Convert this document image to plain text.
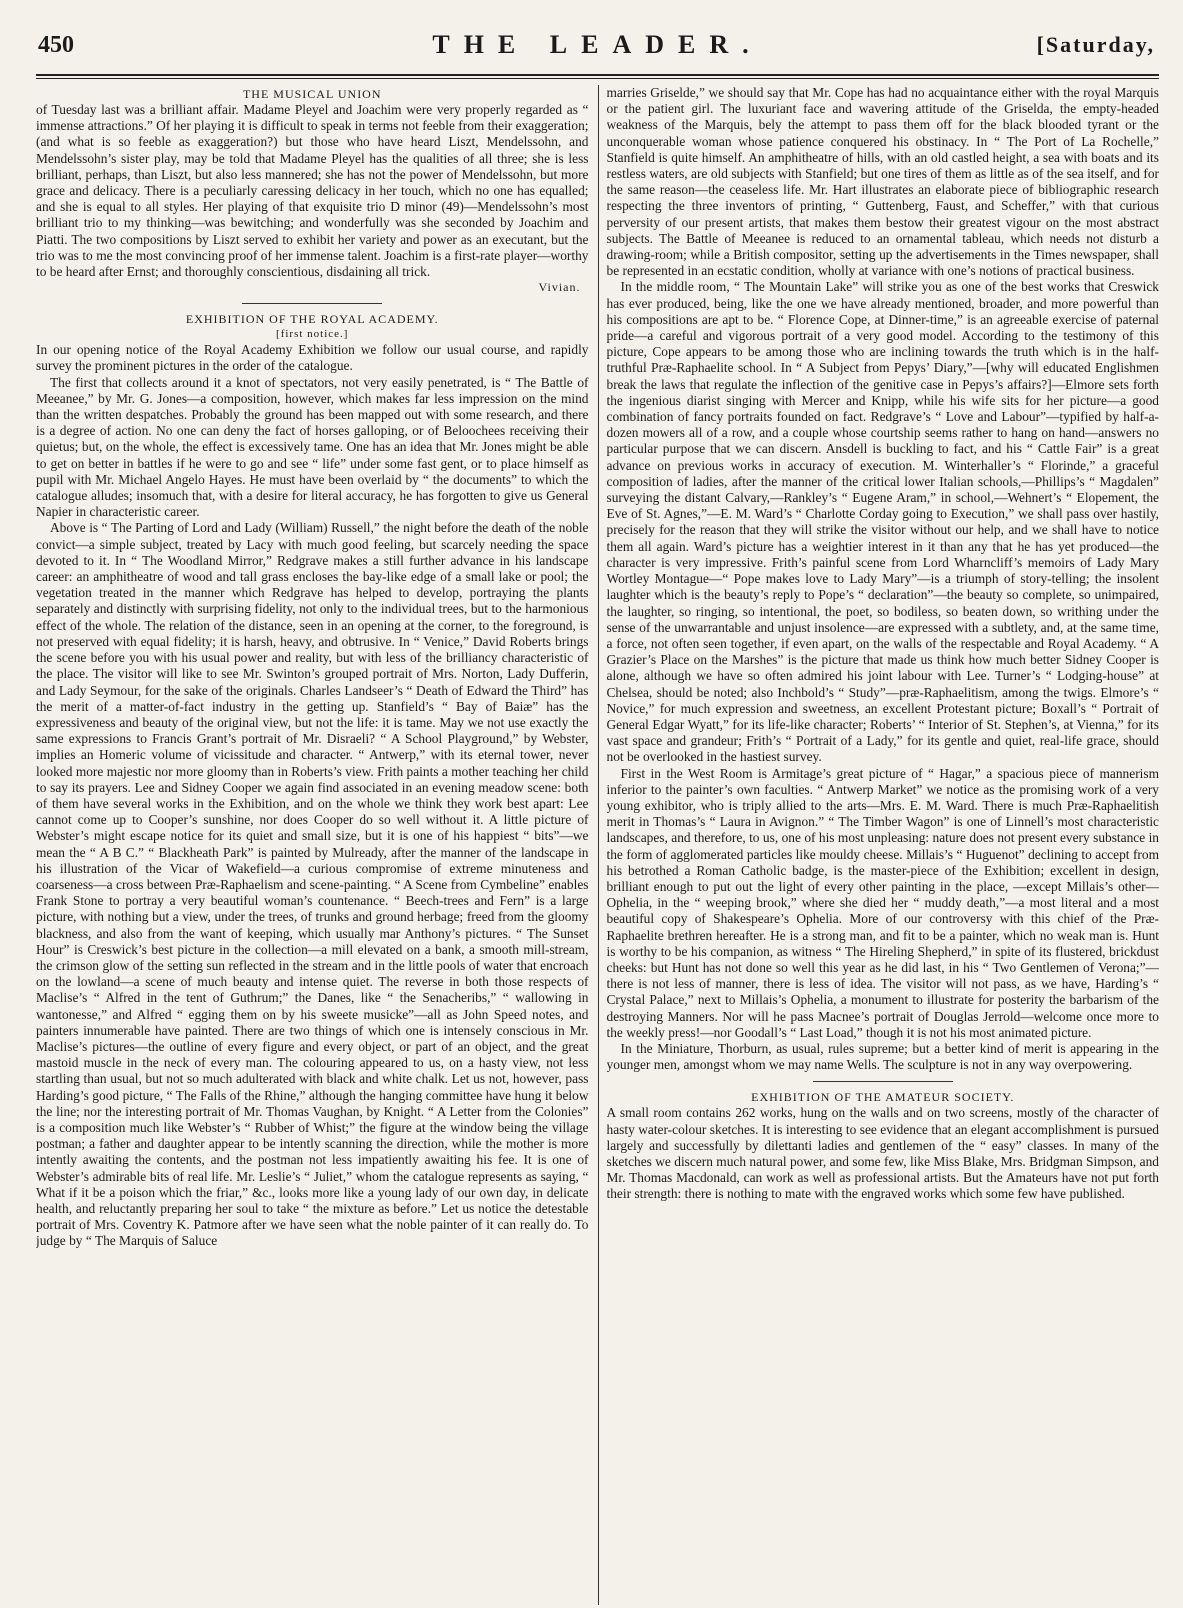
450	THE LEADER.	[Saturday,
THE MUSICAL UNION

of Tuesday last was a brilliant affair. Madame Pleyel and Joachim were very properly regarded as “ immense attractions.” Of her playing it is difficult to speak in terms not feeble from their exaggeration; (and what is so feeble as exaggeration?) but those who have heard Liszt, Mendelssohn, and Mendelssohn’s sister play, may be told that Madame Pleyel has the qualities of all three; she is less brilliant, perhaps, than Liszt, but also less mannered; she has not the power of Mendelssohn, but more grace and delicacy. There is a peculiarly caressing delicacy in her touch, which no one has equalled; and she is equal to all styles. Her playing of that exquisite trio D minor (49)—Mendelssohn’s most brilliant trio to my thinking—was bewitching; and wonderfully was she seconded by Joachim and Piatti. The two compositions by Liszt served to exhibit her variety and power as an executant, but the trio was to me the most convincing proof of her immense talent. Joachim is a first-rate player—worthy to be heard after Ernst; and thoroughly conscientious, disdaining all trick.

Vivian.
EXHIBITION OF THE ROYAL ACADEMY.
[first notice.]

In our opening notice of the Royal Academy Exhibition we follow our usual course, and rapidly survey the prominent pictures in the order of the catalogue.

The first that collects around it a knot of spectators, not very easily penetrated, is “ The Battle of Meeanee,” by Mr. G. Jones—a composition, however, which makes far less impression on the mind than the written despatches. Probably the ground has been mapped out with some research, and there is a degree of action. No one can deny the fact of horses galloping, or of Beloochees receiving their quietus; but, on the whole, the effect is excessively tame. One has an idea that Mr. Jones might be able to get on better in battles if he were to go and see “ life” under some fast gent, or to place himself as pupil with Mr. Michael Angelo Hayes. He must have been overlaid by “ the documents” to which the catalogue alludes; insomuch that, with a desire for literal accuracy, he has forgotten to give us General Napier in characteristic career.

Above is “ The Parting of Lord and Lady (William) Russell,” the night before the death of the noble convict—a simple subject, treated by Lacy with much good feeling, but scarcely needing the space devoted to it. In “ The Woodland Mirror,” Redgrave makes a still further advance in his landscape career: an amphitheatre of wood and tall grass encloses the bay-like edge of a small lake or pool; the vegetation treated in the manner which Redgrave has helped to develop, portraying the plants separately and distinctly with surprising fidelity, not only to the individual trees, but to the harmonious effect of the whole. The relation of the distance, seen in an opening at the corner, to the foreground, is not preserved with equal fidelity; it is harsh, heavy, and obtrusive. In “ Venice,” David Roberts brings the scene before you with his usual power and reality, but with less of the brilliancy characteristic of the place. The visitor will like to see Mr. Swinton’s grouped portrait of Mrs. Norton, Lady Dufferin, and Lady Seymour, for the sake of the originals. Charles Landseer’s “ Death of Edward the Third” has the merit of a matter-of-fact industry in the getting up. Stanfield’s “ Bay of Baiæ” has the expressiveness and beauty of the original view, but not the life: it is tame. May we not use exactly the same expressions to Francis Grant’s portrait of Mr. Disraeli? “ A School Playground,” by Webster, implies an Homeric volume of vicissitude and character. “ Antwerp,” with its eternal tower, never looked more majestic nor more gloomy than in Roberts’s view. Frith paints a mother teaching her child to say its prayers. Lee and Sidney Cooper we again find associated in an evening meadow scene: both of them have several works in the Exhibition, and on the whole we think they work best apart: Lee cannot come up to Cooper’s sunshine, nor does Cooper do so well without it. A little picture of Webster’s might escape notice for its quiet and small size, but it is one of his happiest “ bits”—we mean the “ A B C.” “ Blackheath Park” is painted by Mulready, after the manner of the landscape in his illustration of the Vicar of Wakefield—a curious compromise of extreme minuteness and coarseness—a cross between Præ-Raphaelism and scene-painting. “ A Scene from Cymbeline” enables Frank Stone to portray a very beautiful woman’s countenance. “ Beech-trees and Fern” is a large picture, with nothing but a view, under the trees, of trunks and ground herbage; freed from the gloomy blackness, and also from the want of keeping, which usually mar Anthony’s pictures. “ The Sunset Hour” is Creswick’s best picture in the collection—a mill elevated on a bank, a smooth mill-stream, the crimson glow of the setting sun reflected in the stream and in the little pools of water that encroach on the lowland—a scene of much beauty and intense quiet. The reverse in both those respects of Maclise’s “ Alfred in the tent of Guthrum;” the Danes, like “ the Senacheribs,” “ wallowing in wantonesse,” and Alfred “ egging them on by his sweete musicke”—all as John Speed notes, and painters innumerable have painted. There are two things of which one is intensely conscious in Mr. Maclise’s pictures—the outline of every figure and every object, or part of an object, and the great mastoid muscle in the neck of every man. The colouring appeared to us, on a hasty view, not less startling than usual, but not so much adulterated with black and white chalk. Let us not, however, pass Harding’s good picture, “ The Falls of the Rhine,” although the hanging committee have hung it below the line; nor the interesting portrait of Mr. Thomas Vaughan, by Knight. “ A Letter from the Colonies” is a composition much like Webster’s “ Rubber of Whist;” the figure at the window being the village postman; a father and daughter appear to be intently scanning the direction, while the mother is more intently awaiting the contents, and the postman not less impatiently awaiting his fee. It is one of Webster’s admirable bits of real life. Mr. Leslie’s “ Juliet,” whom the catalogue represents as saying, “ What if it be a poison which the friar,” &c., looks more like a young lady of our own day, in delicate health, and reluctantly preparing her soul to take “ the mixture as before.” Let us notice the detestable portrait of Mrs. Coventry K. Patmore after we have seen what the noble painter of it can really do. To judge by “ The Marquis of Saluce

marries Griselde,” we should say that Mr. Cope has had no acquaintance either with the royal Marquis or the patient girl. The luxuriant face and wavering attitude of the Griselda, the empty-headed weakness of the Marquis, bely the attempt to pass them off for the black blooded tyrant or the unconquerable woman whose patience conquered his obstinacy. In “ The Port of La Rochelle,” Stanfield is quite himself. An amphitheatre of hills, with an old castled height, a sea with boats and its restless waters, are old subjects with Stanfield; but one tires of them as little as of the sea itself, and for the same reason—the ceaseless life. Mr. Hart illustrates an elaborate piece of bibliographic research respecting the three inventors of printing, “ Guttenberg, Faust, and Scheffer,” with that curious perversity of our present artists, that makes them bestow their greatest vigour on the most abstract subjects. The Battle of Meeanee is reduced to an ornamental tableau, which needs not disturb a drawing-room; while a British compositor, setting up the advertisements in the Times newspaper, shall be represented in an ecstatic condition, wholly at variance with one’s notions of practical business.

In the middle room, “ The Mountain Lake” will strike you as one of the best works that Creswick has ever produced, being, like the one we have already mentioned, broader, and more powerful than his compositions are apt to be. “ Florence Cope, at Dinner-time,” is an agreeable exercise of paternal pride—a careful and vigorous portrait of a very good model. According to the testimony of this picture, Cope appears to be among those who are inclining towards the truth which is in the half-truthful Præ-Raphaelite school. In “ A Subject from Pepys’ Diary,”—[why will educated Englishmen break the laws that regulate the inflection of the genitive case in Pepys’s affairs?]—Elmore sets forth the ingenious diarist singing with Mercer and Knipp, while his wife sits for her picture—a good combination of fancy portraits founded on fact. Redgrave’s “ Love and Labour”—typified by half-a-dozen mowers all of a row, and a couple whose courtship seems rather to hang on hand—answers no particular purpose that we can discern. Ansdell is buckling to fact, and his “ Cattle Fair” is a great advance on previous works in accuracy of execution. M. Winterhaller’s “ Florinde,” a graceful composition of ladies, after the manner of the critical lower Italian schools,—Phillips’s “ Magdalen” surveying the distant Calvary,—Rankley’s “ Eugene Aram,” in school,—Wehnert’s “ Elopement, the Eve of St. Agnes,”—E. M. Ward’s “ Charlotte Corday going to Execution,” we shall pass over hastily, precisely for the reason that they will strike the visitor without our help, and we shall have to notice them all again. Ward’s picture has a weightier interest in it than any that he has yet produced—the character is very impressive. Frith’s painful scene from Lord Wharncliff’s memoirs of Lady Mary Wortley Montague—“ Pope makes love to Lady Mary”—is a triumph of story-telling; the insolent laughter which is the beauty’s reply to Pope’s “ declaration”—the beauty so complete, so unimpaired, the laughter, so ringing, so intentional, the poet, so bodiless, so beaten down, so writhing under the sense of the unwarrantable and unjust insolence—are expressed with a subtlety, and, at the same time, a force, not often seen together, if even apart, on the walls of the respectable and Royal Academy. “ A Grazier’s Place on the Marshes” is the picture that made us think how much better Sidney Cooper is alone, although we have so often admired his joint labour with Lee. Turner’s “ Lodging-house” at Chelsea, should be noted; also Inchbold’s “ Study”—præ-Raphaelitism, among the twigs. Elmore’s “ Novice,” for much expression and sweetness, an excellent Protestant picture; Boxall’s “ Portrait of General Edgar Wyatt,” for its life-like character; Roberts’ “ Interior of St. Stephen’s, at Vienna,” for its vast space and grandeur; Frith’s “ Portrait of a Lady,” for its gentle and quiet, real-life grace, should not be overlooked in the hastiest survey.

First in the West Room is Armitage’s great picture of “ Hagar,” a spacious piece of mannerism inferior to the painter’s own faculties. “ Antwerp Market” we notice as the promising work of a very young exhibitor, who is triply allied to the arts—Mrs. E. M. Ward. There is much Præ-Raphaelitish merit in Thomas’s “ Laura in Avignon.” “ The Timber Wagon” is one of Linnell’s most characteristic landscapes, and therefore, to us, one of his most unpleasing: nature does not present every substance in the form of agglomerated particles like mouldy cheese. Millais’s “ Huguenot” declining to accept from his betrothed a Roman Catholic badge, is the master-piece of the Exhibition; excellent in design, brilliant enough to put out the light of every other painting in the place, —except Millais’s other—Ophelia, in the “ weeping brook,” where she died her “ muddy death,”—a most literal and a most beautiful copy of Shakespeare’s Ophelia. More of our controversy with this chief of the Præ-Raphaelite brethren hereafter. He is a strong man, and fit to be a painter, which no weak man is. Hunt is worthy to be his companion, as witness “ The Hireling Shepherd,” in spite of its flustered, brickdust cheeks: but Hunt has not done so well this year as he did last, in his “ Two Gentlemen of Verona;”—there is not less of manner, there is less of idea. The visitor will not pass, as we have, Harding’s “ Crystal Palace,” next to Millais’s Ophelia, a monument to illustrate for posterity the barbarism of the destroying Manners. Nor will he pass Macnee’s portrait of Douglas Jerrold—welcome once more to the weekly press!—nor Goodall’s “ Last Load,” though it is not his most animated picture.

In the Miniature, Thorburn, as usual, rules supreme; but a better kind of merit is appearing in the younger men, amongst whom we may name Wells. The sculpture is not in any way overpowering.

EXHIBITION OF THE AMATEUR SOCIETY.

A small room contains 262 works, hung on the walls and on two screens, mostly of the character of hasty water-colour sketches. It is interesting to see evidence that an elegant accomplishment is pursued largely and successfully by dilettanti ladies and gentlemen of the “ easy” classes. In many of the sketches we discern much natural power, and some few, like Miss Blake, Mrs. Bridgman Simpson, and Mr. Thomas Macdonald, can work as well as professional artists. But the Amateurs have not put forth their strength: there is nothing to mate with the engraved works which some few have published.
